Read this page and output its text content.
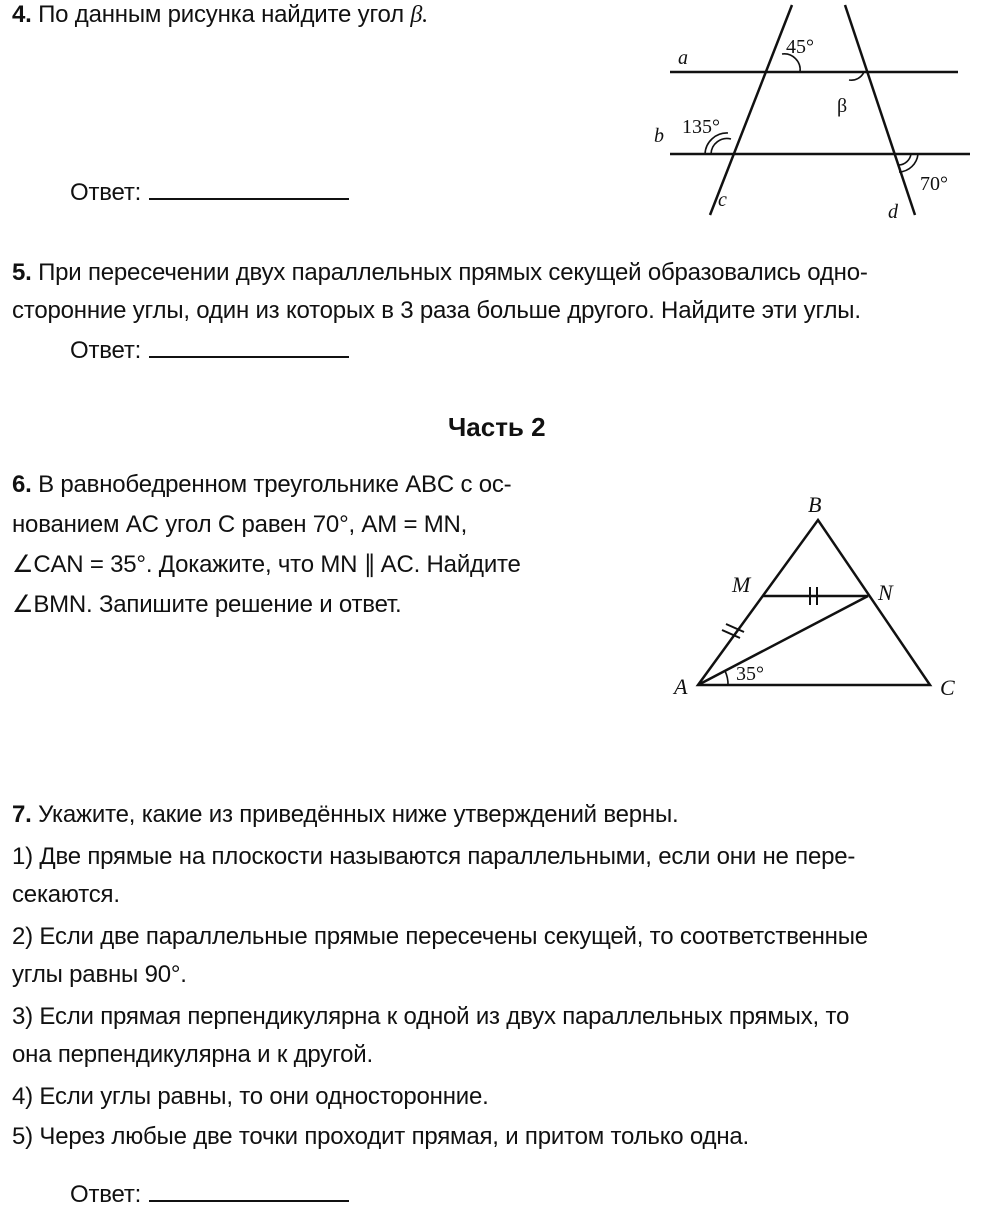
4. По данным рисунка найдите угол β.
Ответ:
a
b
c
d
45°
β
135°
70°
5. При пересечении двух параллельных прямых секущей образовались одно-
сторонние углы, один из которых в 3 раза больше другого. Найдите эти углы.
Ответ:
Часть 2
6. В равнобедренном треугольнике ABC с ос-
нованием AC угол C равен 70°, AM = MN,
∠CAN = 35°. Докажите, что MN ∥ AC. Найдите
∠BMN. Запишите решение и ответ.
A
B
C
M	N
35°
7. Укажите, какие из приведённых ниже утверждений верны.
1) Две прямые на плоскости называются параллельными, если они не пере-
секаются.
2) Если две параллельные прямые пересечены секущей, то соответственные
углы равны 90°.
3) Если прямая перпендикулярна к одной из двух параллельных прямых, то
она перпендикулярна и к другой.
4) Если углы равны, то они односторонние.
5) Через любые две точки проходит прямая, и притом только одна.
Ответ:
